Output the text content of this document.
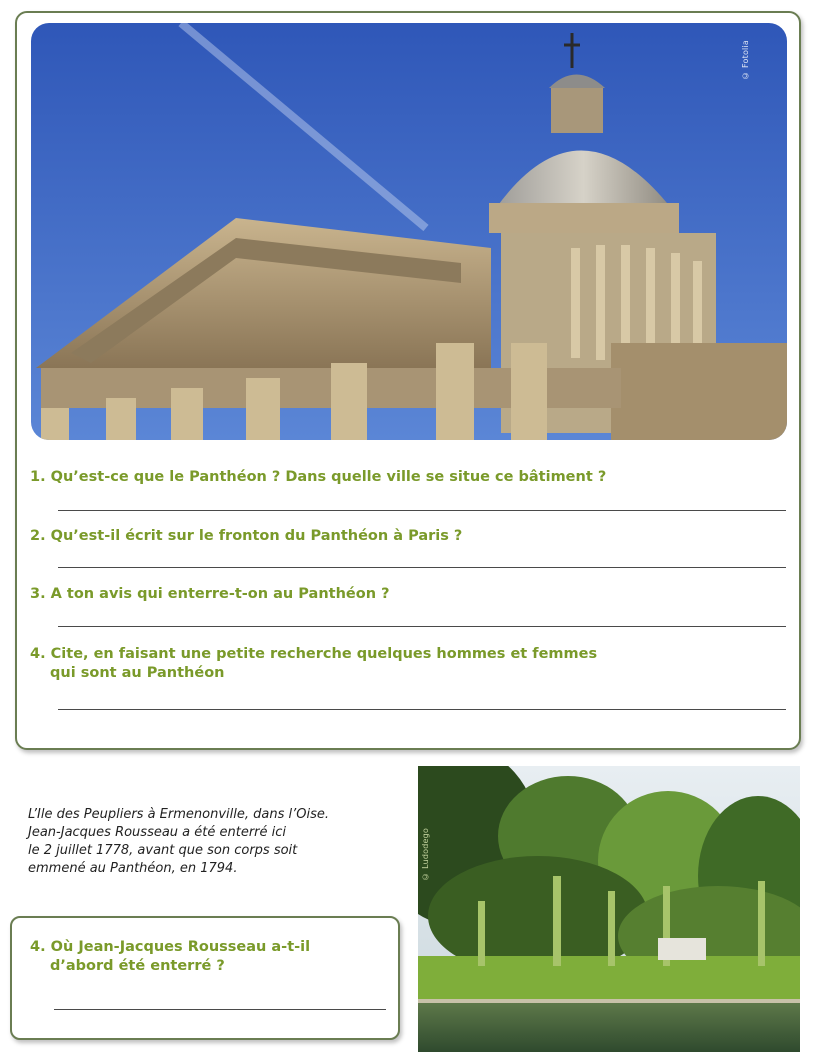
© Fotolia
1. Qu’est-ce que le Panthéon ? Dans quelle ville se situe ce bâtiment ?
2. Qu’est-il écrit sur le fronton du Panthéon à Paris ?
3. A ton avis qui enterre-t-on au Panthéon ?
4. Cite, en faisant une petite recherche quelques hommes et femmes
qui sont au Panthéon
L’Ile des Peupliers à Ermenonville, dans l’Oise.
Jean-Jacques Rousseau a été enterré ici
le 2 juillet 1778, avant que son corps soit
emmené au Panthéon, en 1794.
4. Où Jean-Jacques Rousseau a-t-il
d’abord été enterré ?
© Ludodego
